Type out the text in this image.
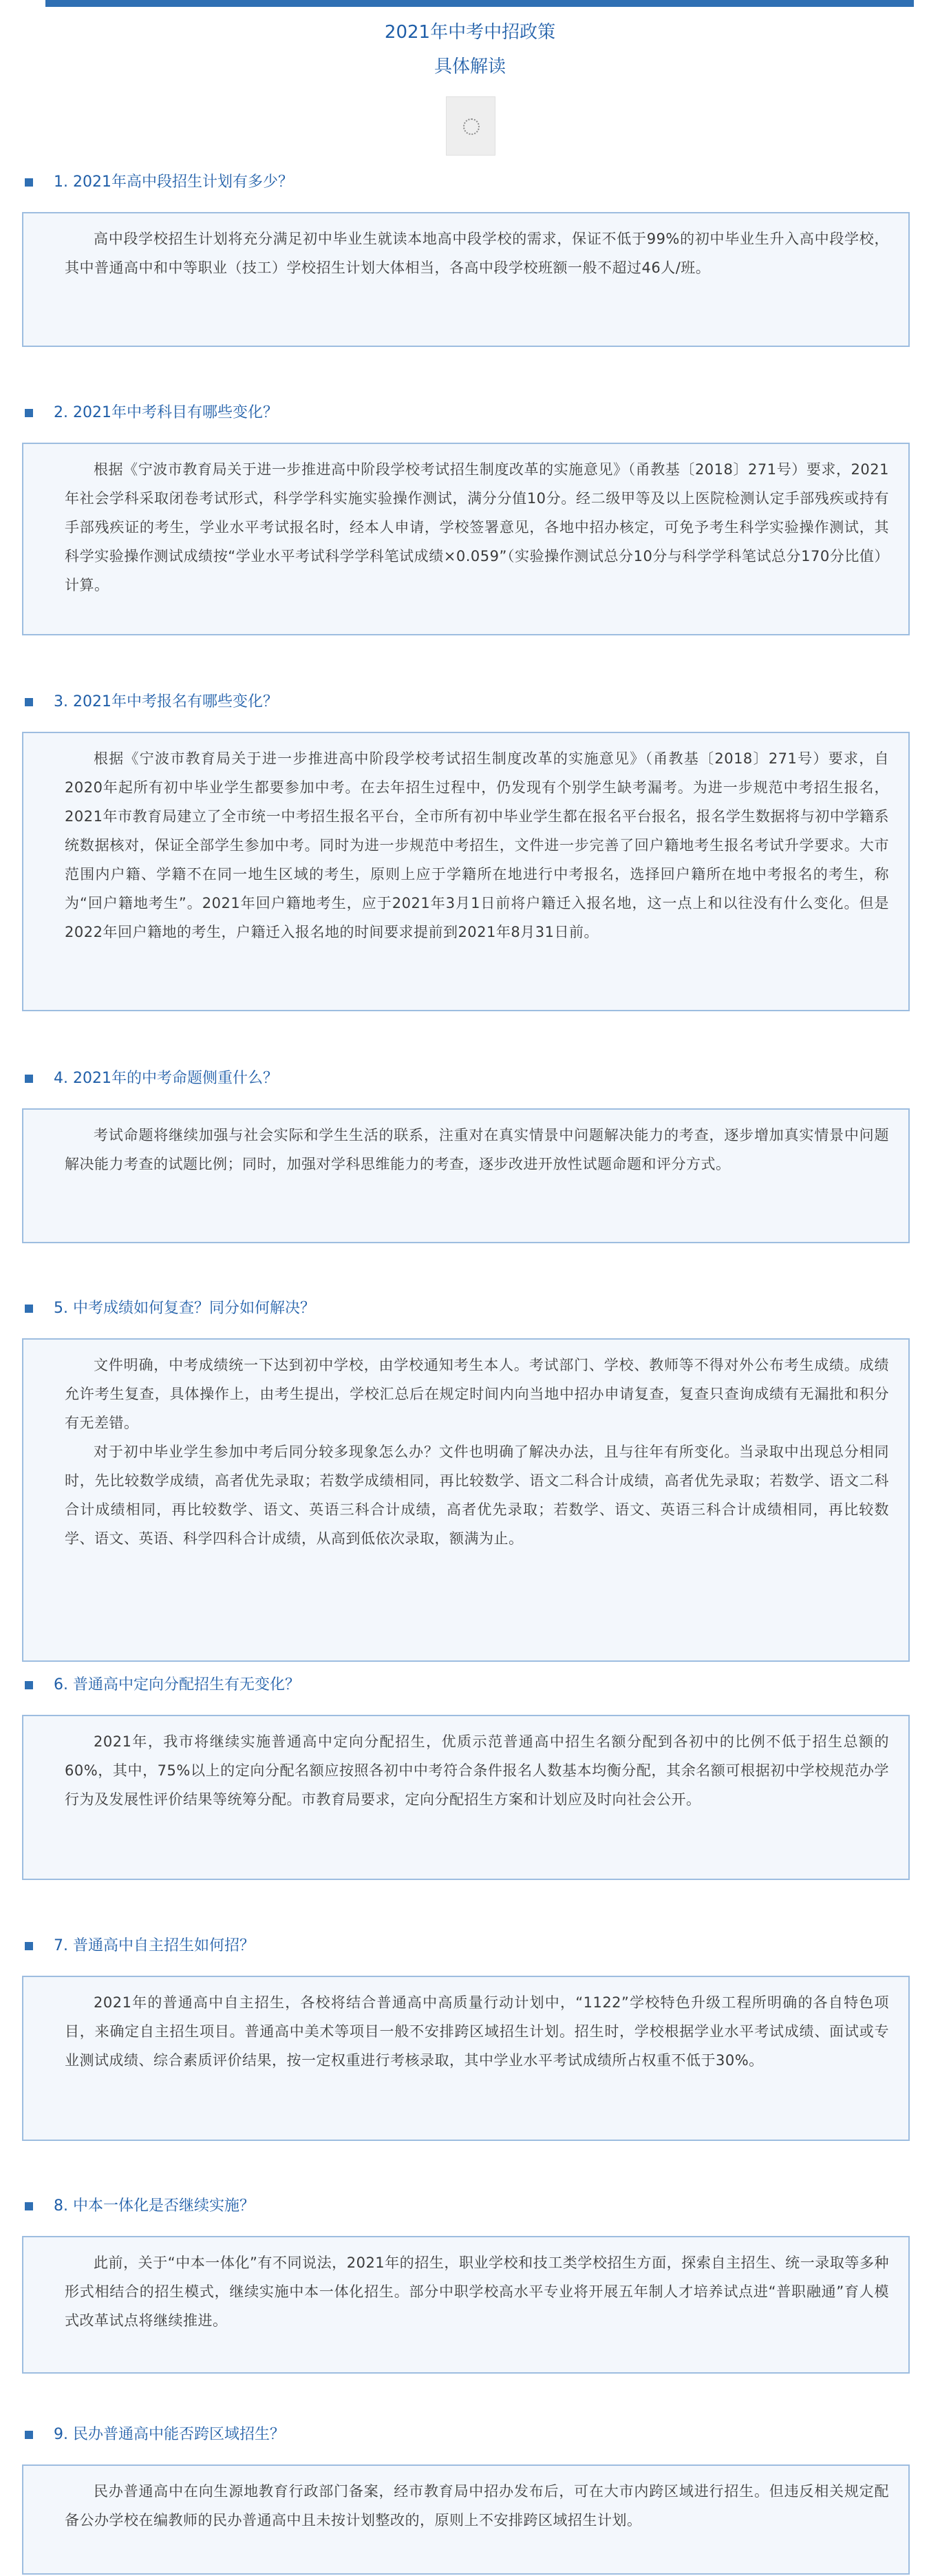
2021年中考中招政策
具体解读
1. 2021年高中段招生计划有多少？

高中段学校招生计划将充分满足初中毕业生就读本地高中段学校的需求，保证不低于99%的初中毕业生升入高中段学校，其中普通高中和中等职业（技工）学校招生计划大体相当，各高中段学校班额一般不超过46人/班。

2. 2021年中考科目有哪些变化？

根据《宁波市教育局关于进一步推进高中阶段学校考试招生制度改革的实施意见》（甬教基〔2018〕271号）要求，2021年社会学科采取闭卷考试形式，科学学科实施实验操作测试，满分分值10分。经二级甲等及以上医院检测认定手部残疾或持有手部残疾证的考生，学业水平考试报名时，经本人申请，学校签署意见，各地中招办核定，可免予考生科学实验操作测试，其科学实验操作测试成绩按“学业水平考试科学学科笔试成绩×0.059”（实验操作测试总分10分与科学学科笔试总分170分比值）计算。

3. 2021年中考报名有哪些变化？

根据《宁波市教育局关于进一步推进高中阶段学校考试招生制度改革的实施意见》（甬教基〔2018〕271号）要求，自2020年起所有初中毕业学生都要参加中考。在去年招生过程中，仍发现有个别学生缺考漏考。为进一步规范中考招生报名，2021年市教育局建立了全市统一中考招生报名平台，全市所有初中毕业学生都在报名平台报名，报名学生数据将与初中学籍系统数据核对，保证全部学生参加中考。同时为进一步规范中考招生，文件进一步完善了回户籍地考生报名考试升学要求。大市范围内户籍、学籍不在同一地生区域的考生，原则上应于学籍所在地进行中考报名，选择回户籍所在地中考报名的考生，称为“回户籍地考生”。2021年回户籍地考生，应于2021年3月1日前将户籍迁入报名地，这一点上和以往没有什么变化。但是2022年回户籍地的考生，户籍迁入报名地的时间要求提前到2021年8月31日前。

4. 2021年的中考命题侧重什么？

考试命题将继续加强与社会实际和学生生活的联系，注重对在真实情景中问题解决能力的考查，逐步增加真实情景中问题解决能力考查的试题比例；同时，加强对学科思维能力的考查，逐步改进开放性试题命题和评分方式。

5. 中考成绩如何复查？同分如何解决？

文件明确，中考成绩统一下达到初中学校，由学校通知考生本人。考试部门、学校、教师等不得对外公布考生成绩。成绩允许考生复查，具体操作上，由考生提出，学校汇总后在规定时间内向当地中招办申请复查，复查只查询成绩有无漏批和积分有无差错。

对于初中毕业学生参加中考后同分较多现象怎么办？文件也明确了解决办法，且与往年有所变化。当录取中出现总分相同时，先比较数学成绩，高者优先录取；若数学成绩相同，再比较数学、语文二科合计成绩，高者优先录取；若数学、语文二科合计成绩相同，再比较数学、语文、英语三科合计成绩，高者优先录取；若数学、语文、英语三科合计成绩相同，再比较数学、语文、英语、科学四科合计成绩，从高到低依次录取，额满为止。

6. 普通高中定向分配招生有无变化？

2021年，我市将继续实施普通高中定向分配招生，优质示范普通高中招生名额分配到各初中的比例不低于招生总额的60%，其中，75%以上的定向分配名额应按照各初中中考符合条件报名人数基本均衡分配，其余名额可根据初中学校规范办学行为及发展性评价结果等统筹分配。市教育局要求，定向分配招生方案和计划应及时向社会公开。

7. 普通高中自主招生如何招？

2021年的普通高中自主招生，各校将结合普通高中高质量行动计划中，“1122”学校特色升级工程所明确的各自特色项目，来确定自主招生项目。普通高中美术等项目一般不安排跨区域招生计划。招生时，学校根据学业水平考试成绩、面试或专业测试成绩、综合素质评价结果，按一定权重进行考核录取，其中学业水平考试成绩所占权重不低于30%。

8. 中本一体化是否继续实施？

此前，关于“中本一体化”有不同说法，2021年的招生，职业学校和技工类学校招生方面，探索自主招生、统一录取等多种形式相结合的招生模式，继续实施中本一体化招生。部分中职学校高水平专业将开展五年制人才培养试点进“普职融通”育人模式改革试点将继续推进。

9. 民办普通高中能否跨区域招生？

民办普通高中在向生源地教育行政部门备案，经市教育局中招办发布后，可在大市内跨区域进行招生。但违反相关规定配备公办学校在编教师的民办普通高中且未按计划整改的，原则上不安排跨区域招生计划。
